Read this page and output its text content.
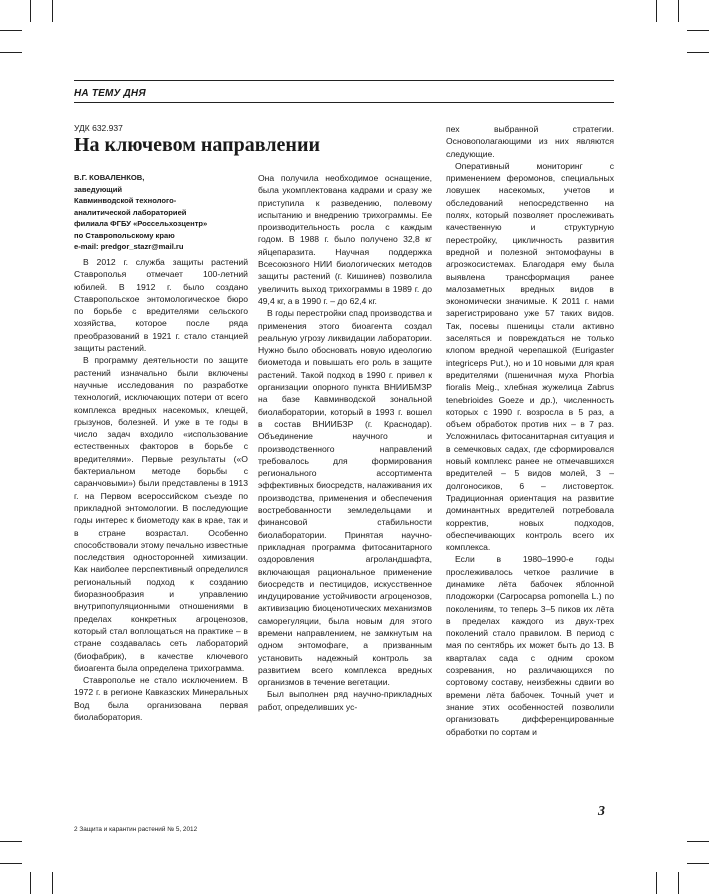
НА ТЕМУ ДНЯ
УДК 632.937
На ключевом направлении
В.Г. КОВАЛЕНКОВ,
заведующий
Кавминводской технолого-
аналитической лабораторией
филиала ФГБУ «Россельхозцентр»
по Ставропольскому краю
e-mail: predgor_stazr@mail.ru

В 2012 г. служба защиты растений Ставрополья отмечает 100-летний юбилей. В 1912 г. было создано Ставропольское энтомологическое бюро по борьбе с вредителями сельского хозяйства, которое после ряда преобразований в 1921 г. стало станцией защиты растений.

В программу деятельности по защите растений изначально были включены научные исследования по разработке технологий, исключающих потери от всего комплекса вредных насекомых, клещей, грызунов, болезней. И уже в те годы в число задач входило «использование естественных факторов в борьбе с вредителями». Первые результаты («О бактериальном методе борьбы с саранчовыми») были представлены в 1913 г. на Первом всероссийском съезде по прикладной энтомологии. В последующие годы интерес к биометоду как в крае, так и в стране возрастал. Особенно способствовали этому печально известные последствия односторонней химизации. Как наиболее перспективный определился региональный подход к созданию биоразнообразия и управлению внутрипопуляционными отношениями в пределах конкретных агроценозов, который стал воплощаться на практике – в стране создавалась сеть лабораторий (биофабрик), в качестве ключевого биоагента была определена трихограмма.

Ставрополье не стало исключением. В 1972 г. в регионе Кавказских Минеральных Вод была организована первая биолаборатория.

Она получила необходимое оснащение, была укомплектована кадрами и сразу же приступила к разведению, полевому испытанию и внедрению трихограммы. Ее производительность росла с каждым годом. В 1988 г. было получено 32,8 кг яйцепаразита. Научная поддержка Всесоюзного НИИ биологических методов защиты растений (г. Кишинев) позволила увеличить выход трихограммы в 1989 г. до 49,4 кг, а в 1990 г. – до 62,4 кг.

В годы перестройки спад производства и применения этого биоагента создал реальную угрозу ликвидации лаборатории. Нужно было обосновать новую идеологию биометода и повышать его роль в защите растений. Такой подход в 1990 г. привел к организации опорного пункта ВНИИБМЗР на базе Кавминводской зональной биолаборатории, который в 1993 г. вошел в состав ВНИИБЗР (г. Краснодар). Объединение научного и производственного направлений требовалось для формирования регионального ассортимента эффективных биосредств, налаживания их производства, применения и обеспечения востребованности земледельцами и финансовой стабильности биолаборатории. Принятая научно-прикладная программа фитосанитарного оздоровления агроландшафта, включающая рациональное применение биосредств и пестицидов, искусственное индуцирование устойчивости агроценозов, активизацию биоценотических механизмов саморегуляции, была новым для этого времени направлением, не замкнутым на одном энтомофаге, а призванным установить надежный контроль за развитием всего комплекса вредных организмов в течение вегетации.

Был выполнен ряд научно-прикладных работ, определивших ус-

пех выбранной стратегии. Основополагающими из них являются следующие.

Оперативный мониторинг с применением феромонов, специальных ловушек насекомых, учетов и обследований непосредственно на полях, который позволяет прослеживать качественную и структурную перестройку, цикличность развития вредной и полезной энтомофауны в агроэкосистемах. Благодаря ему была выявлена трансформация ранее малозаметных вредных видов в экономически значимые. К 2011 г. нами зарегистрировано уже 57 таких видов. Так, посевы пшеницы стали активно заселяться и повреждаться не только клопом вредной черепашкой (Eurigaster integriceps Put.), но и 10 новыми для края вредителями (пшеничная муха Phorbia fioralis Meig., хлебная жужелица Zabrus tenebrioides Goeze и др.), численность которых с 1990 г. возросла в 5 раз, а объем обработок против них – в 7 раз. Усложнилась фитосанитарная ситуация и в семечковых садах, где сформировался новый комплекс ранее не отмечавшихся вредителей – 5 видов молей, 3 – долгоносиков, 6 – листоверток. Традиционная ориентация на развитие доминантных вредителей потребовала корректив, новых подходов, обеспечивающих контроль всего их комплекса.

Если в 1980–1990-е годы прослеживалось четкое различие в динамике лёта бабочек яблонной плодожорки (Carpocapsa pomonella L.) по поколениям, то теперь 3–5 пиков их лёта в пределах каждого из двух-трех поколений стало правилом. В период с мая по сентябрь их может быть до 13. В кварталах сада с одним сроком созревания, но различающихся по сортовому составу, неизбежны сдвиги во времени лёта бабочек. Точный учет и знание этих особенностей позволили организовать дифференцированные обработки по сортам и

3
2 Защита и карантин растений № 5, 2012
